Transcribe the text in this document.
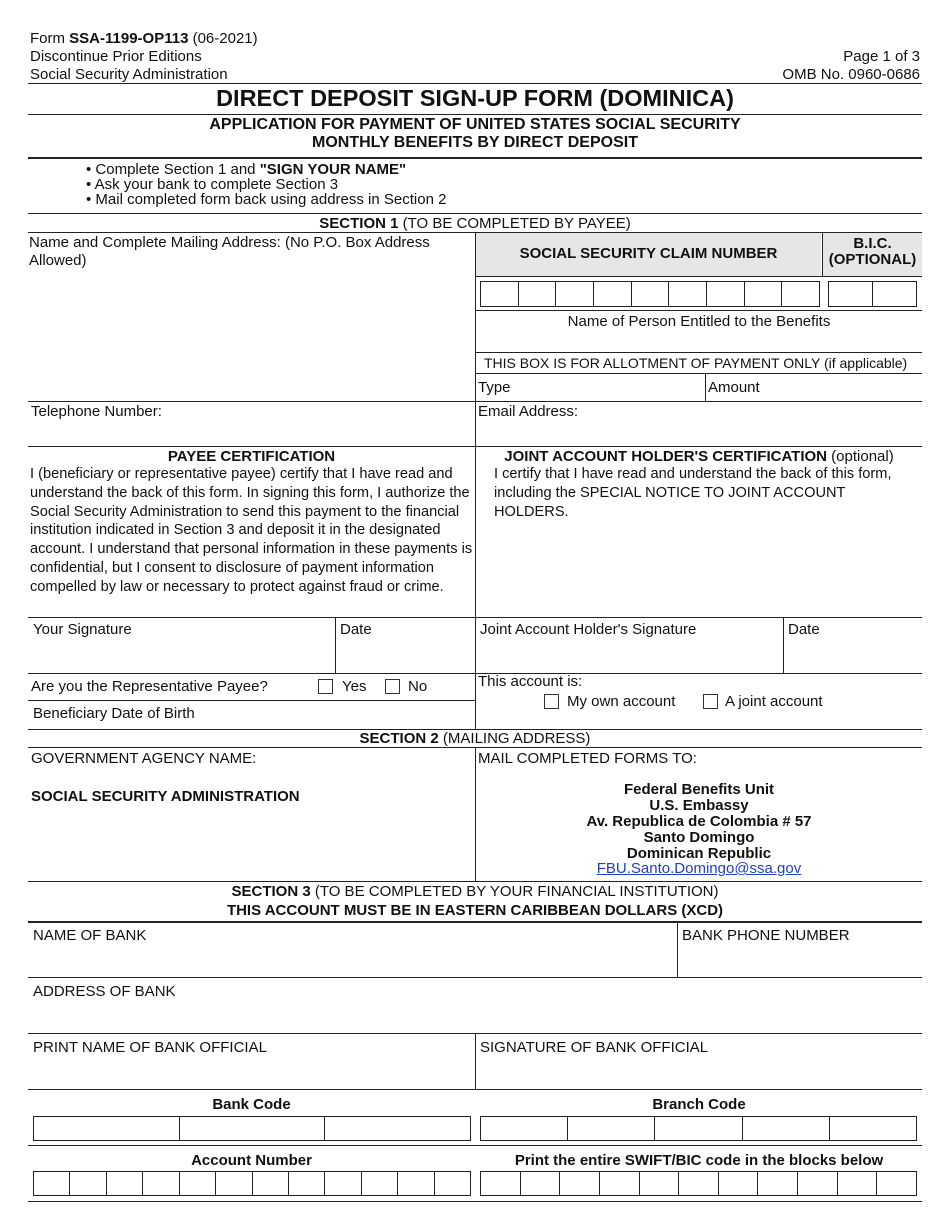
Form SSA-1199-OP113 (06-2021)
Discontinue Prior Editions
Social Security Administration
Page 1 of 3
OMB No. 0960-0686
DIRECT DEPOSIT SIGN-UP FORM (DOMINICA)
APPLICATION FOR PAYMENT OF UNITED STATES SOCIAL SECURITY
MONTHLY BENEFITS BY DIRECT DEPOSIT
• Complete Section 1 and "SIGN YOUR NAME"
• Ask your bank to complete Section 3
• Mail completed form back using address in Section 2
SECTION 1 (TO BE COMPLETED BY PAYEE)
Name and Complete Mailing Address: (No P.O. Box Address
Allowed)	SOCIAL SECURITY CLAIM NUMBER
B.I.C.
(OPTIONAL)
Name of Person Entitled to the Benefits
THIS BOX IS FOR ALLOTMENT OF PAYMENT ONLY (if applicable)
Type	Amount
Telephone Number:	Email Address:
PAYEE CERTIFICATION
I (beneficiary or representative payee) certify that I have read and understand the back of this form. In signing this form, I authorize the Social Security Administration to send this payment to the financial institution indicated in Section 3 and deposit it in the designated account. I understand that personal information in these payments is confidential, but I consent to disclosure of payment information compelled by law or necessary to protect against fraud or crime.
JOINT ACCOUNT HOLDER'S CERTIFICATION (optional)
I certify that I have read and understand the back of this form, including the SPECIAL NOTICE TO JOINT ACCOUNT HOLDERS.
Your Signature	Date	Joint Account Holder's Signature	Date
Are you the Representative Payee?	Yes	No
Beneficiary Date of Birth
This account is:
My own account	A joint account
SECTION 2 (MAILING ADDRESS)
GOVERNMENT AGENCY NAME:
SOCIAL SECURITY ADMINISTRATION
MAIL COMPLETED FORMS TO:
Federal Benefits Unit
U.S. Embassy
Av. Republica de Colombia # 57
Santo Domingo
Dominican Republic
FBU.Santo.Domingo@ssa.gov
SECTION 3 (TO BE COMPLETED BY YOUR FINANCIAL INSTITUTION)
THIS ACCOUNT MUST BE IN EASTERN CARIBBEAN DOLLARS (XCD)
NAME OF BANK	BANK PHONE NUMBER
ADDRESS OF BANK
PRINT NAME OF BANK OFFICIAL	SIGNATURE OF BANK OFFICIAL
Bank Code	Branch Code
Account Number	Print the entire SWIFT/BIC code in the blocks below
